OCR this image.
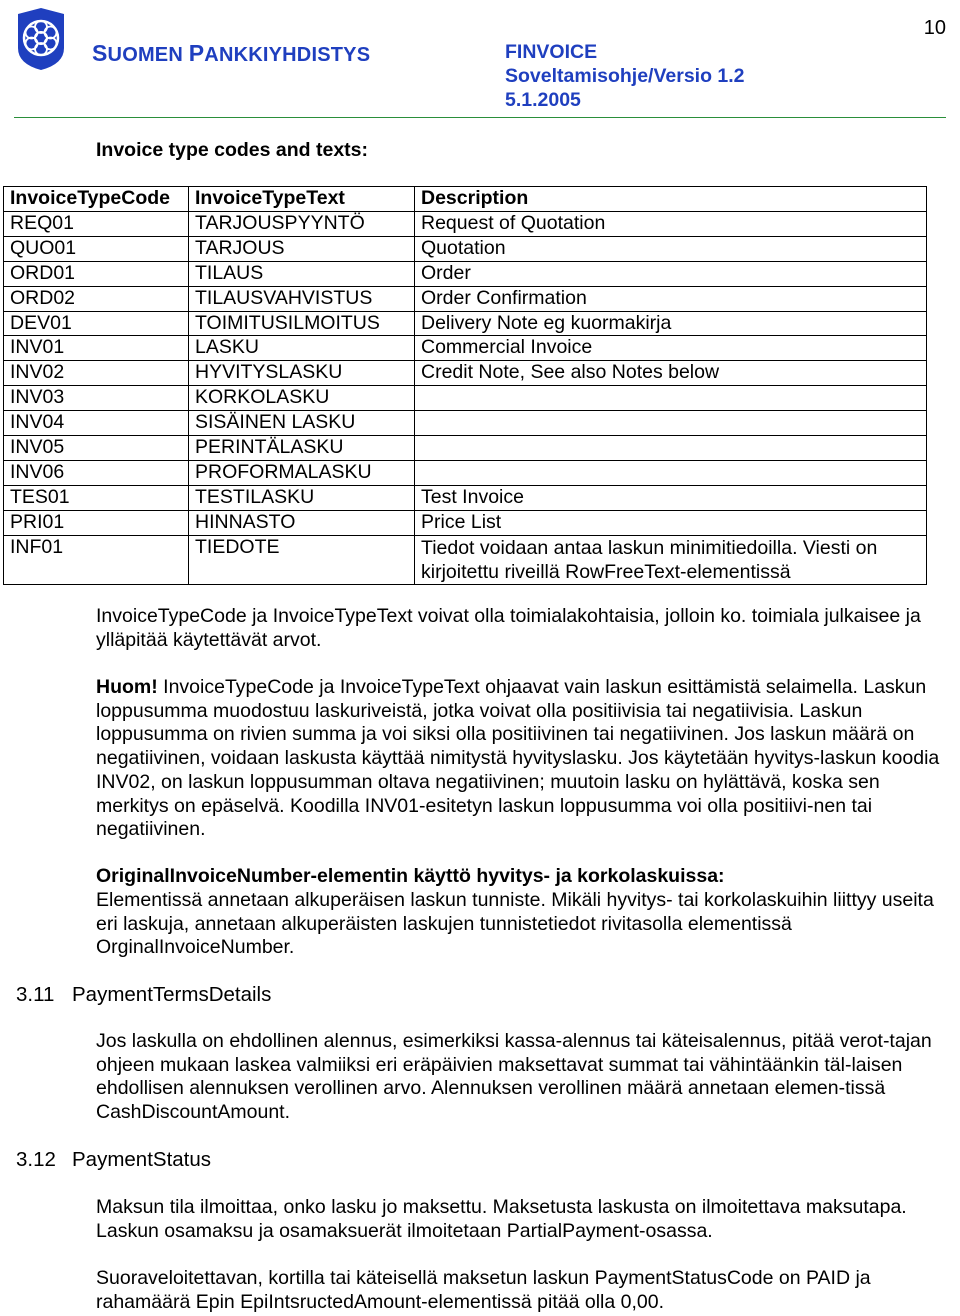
SUOMEN PANKKIYHDISTYS	FINVOICE
Soveltamisohje/Versio 1.2
5.1.2005
10
Invoice type codes and texts:
InvoiceTypeCode	InvoiceTypeText	Description
REQ01	TARJOUSPYYNTÖ	Request of Quotation
QUO01	TARJOUS	Quotation
ORD01	TILAUS	Order
ORD02	TILAUSVAHVISTUS	Order Confirmation
DEV01	TOIMITUSILMOITUS	Delivery Note eg kuormakirja
INV01	LASKU	Commercial Invoice
INV02	HYVITYSLASKU	Credit Note, See also Notes below
INV03	KORKOLASKU	
INV04	SISÄINEN LASKU	
INV05	PERINTÄLASKU	
INV06	PROFORMALASKU	
TES01	TESTILASKU	Test Invoice
PRI01	HINNASTO	Price List
INF01	TIEDOTE	Tiedot voidaan antaa laskun minimitiedoilla. Viesti on kirjoitettu riveillä RowFreeText-elementissä
InvoiceTypeCode ja InvoiceTypeText voivat olla toimialakohtaisia, jolloin ko. toimiala julkaisee ja ylläpitää käytettävät arvot.
Huom! InvoiceTypeCode ja InvoiceTypeText ohjaavat vain laskun esittämistä selaimella. Laskun loppusumma muodostuu laskuriveistä, jotka voivat olla positiivisia tai negatiivisia. Laskun loppusumma on rivien summa ja voi siksi olla positiivinen tai negatiivinen. Jos laskun määrä on negatiivinen, voidaan laskusta käyttää nimitystä hyvityslasku. Jos käytetään hyvitys-laskun koodia INV02, on laskun loppusumman oltava negatiivinen; muutoin lasku on hylättävä, koska sen merkitys on epäselvä. Koodilla INV01-esitetyn laskun loppusumma voi olla positiivi-nen tai negatiivinen.
OriginalInvoiceNumber-elementin käyttö hyvitys- ja korkolaskuissa:
Elementissä annetaan alkuperäisen laskun tunniste. Mikäli hyvitys- tai korkolaskuihin liittyy useita eri laskuja, annetaan alkuperäisten laskujen tunnistetiedot rivitasolla elementissä OrginalInvoiceNumber.
3.11 PaymentTermsDetails
Jos laskulla on ehdollinen alennus, esimerkiksi kassa-alennus tai käteisalennus, pitää verot-tajan ohjeen mukaan laskea valmiiksi eri eräpäivien maksettavat summat tai vähintäänkin täl-laisen ehdollisen alennuksen verollinen arvo. Alennuksen verollinen määrä annetaan elemen-tissä CashDiscountAmount.
3.12 PaymentStatus
Maksun tila ilmoittaa, onko lasku jo maksettu. Maksetusta laskusta on ilmoitettava maksutapa. Laskun osamaksu ja osamaksuerät ilmoitetaan PartialPayment-osassa.
Suoraveloitettavan, kortilla tai käteisellä maksetun laskun PaymentStatusCode on PAID ja rahamäärä Epin EpiIntsructedAmount-elementissä pitää olla 0,00.
